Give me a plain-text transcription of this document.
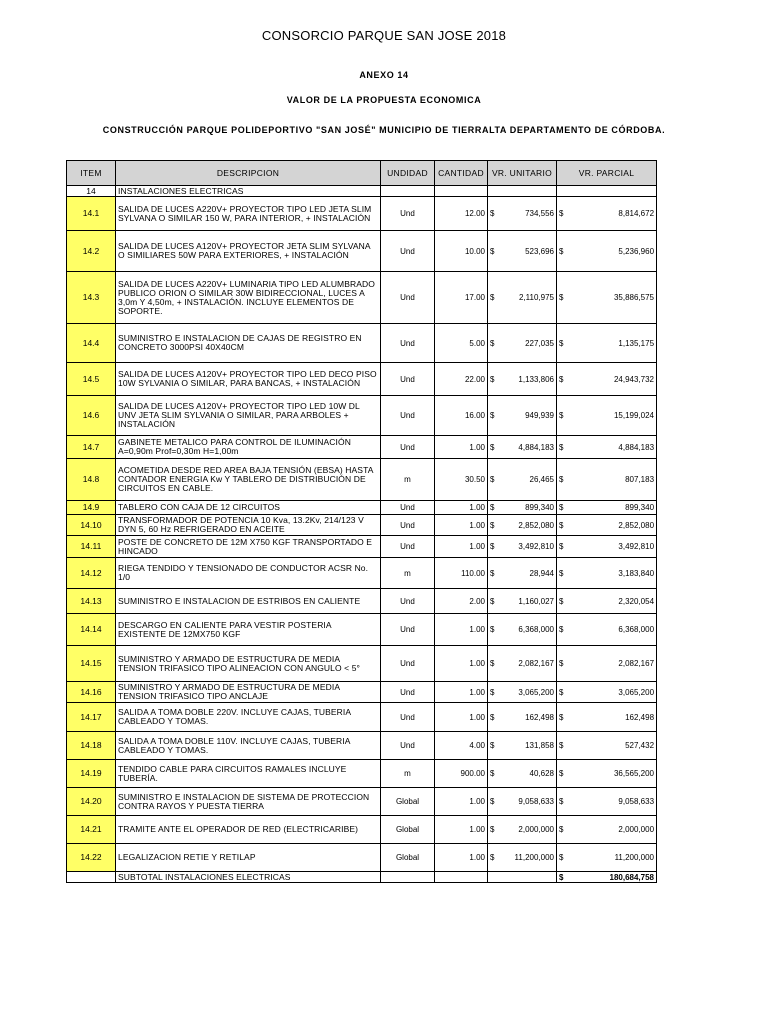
CONSORCIO PARQUE SAN JOSE 2018
ANEXO 14
VALOR DE LA PROPUESTA ECONOMICA
CONSTRUCCIÓN PARQUE POLIDEPORTIVO "SAN JOSÉ" MUNICIPIO DE TIERRALTA DEPARTAMENTO DE CÓRDOBA.
ITEM	DESCRIPCION	UNDIDAD	CANTIDAD	VR. UNITARIO		VR. PARCIAL	
14	INSTALACIONES ELECTRICAS						
14.1	SALIDA DE LUCES A220V+ PROYECTOR TIPO LED JETA SLIM SYLVANA O SIMILAR 150 W, PARA INTERIOR, + INSTALACIÓN	Und	12.00	$	734,556	$	8,814,672
14.2	SALIDA DE LUCES A120V+ PROYECTOR JETA SLIM SYLVANA O SIMILIARES 50W PARA EXTERIORES, + INSTALACIÓN	Und	10.00	$	523,696	$	5,236,960
14.3	SALIDA DE LUCES A220V+ LUMINARIA TIPO LED ALUMBRADO PUBLICO ORION O SIMILAR 30W BIDIRECCIONAL, LUCES A 3,0m Y 4,50m, + INSTALACIÓN. INCLUYE ELEMENTOS DE SOPORTE.	Und	17.00	$	2,110,975	$	35,886,575
14.4	SUMINISTRO E INSTALACION DE CAJAS DE REGISTRO EN CONCRETO 3000PSI 40X40CM	Und	5.00	$	227,035	$	1,135,175
14.5	SALIDA DE LUCES A120V+ PROYECTOR TIPO LED DECO PISO 10W SYLVANIA O SIMILAR, PARA BANCAS, + INSTALACIÓN	Und	22.00	$	1,133,806	$	24,943,732
14.6	SALIDA DE LUCES A120V+ PROYECTOR TIPO LED 10W DL UNV JETA SLIM SYLVANIA O SIMILAR, PARA ARBOLES + INSTALACIÓN	Und	16.00	$	949,939	$	15,199,024
14.7	GABINETE METALICO PARA CONTROL DE ILUMINACIÓN A=0,90m Prof=0,30m H=1,00m	Und	1.00	$	4,884,183	$	4,884,183
14.8	ACOMETIDA DESDE RED AREA BAJA TENSIÓN (EBSA) HASTA CONTADOR ENERGIA Kw Y TABLERO DE DISTRIBUCIÓN DE CIRCUITOS EN CABLE.	m	30.50	$	26,465	$	807,183
14.9	TABLERO CON CAJA DE 12 CIRCUITOS	Und	1.00	$	899,340	$	899,340
14.10	TRANSFORMADOR DE POTENCIA 10 Kva, 13.2Kv, 214/123 V DYN 5, 60 Hz REFRIGERADO EN ACEITE	Und	1.00	$	2,852,080	$	2,852,080
14.11	POSTE DE CONCRETO DE 12M X750 KGF TRANSPORTADO E HINCADO	Und	1.00	$	3,492,810	$	3,492,810
14.12	RIEGA TENDIDO Y TENSIONADO DE CONDUCTOR ACSR No. 1/0	m	110.00	$	28,944	$	3,183,840
14.13	SUMINISTRO E INSTALACION DE ESTRIBOS EN CALIENTE	Und	2.00	$	1,160,027	$	2,320,054
14.14	DESCARGO EN CALIENTE PARA VESTIR POSTERIA EXISTENTE DE 12MX750 KGF	Und	1.00	$	6,368,000	$	6,368,000
14.15	SUMINISTRO Y ARMADO DE ESTRUCTURA DE MEDIA TENSION TRIFASICO TIPO ALINEACION CON ANGULO < 5°	Und	1.00	$	2,082,167	$	2,082,167
14.16	SUMINISTRO Y ARMADO DE ESTRUCTURA DE MEDIA TENSION TRIFASICO TIPO ANCLAJE	Und	1.00	$	3,065,200	$	3,065,200
14.17	SALIDA A TOMA DOBLE 220V. INCLUYE CAJAS, TUBERIA CABLEADO Y TOMAS.	Und	1.00	$	162,498	$	162,498
14.18	SALIDA A TOMA DOBLE 110V. INCLUYE CAJAS, TUBERIA CABLEADO Y TOMAS.	Und	4.00	$	131,858	$	527,432
14.19	TENDIDO CABLE PARA CIRCUITOS RAMALES INCLUYE TUBERÍA.	m	900.00	$	40,628	$	36,565,200
14.20	SUMINISTRO E INSTALACION DE SISTEMA DE PROTECCION CONTRA RAYOS Y PUESTA TIERRA	Global	1.00	$	9,058,633	$	9,058,633
14.21	TRAMITE ANTE EL OPERADOR DE RED (ELECTRICARIBE)	Global	1.00	$	2,000,000	$	2,000,000
14.22	LEGALIZACION RETIE Y RETILAP	Global	1.00	$	11,200,000	$	11,200,000
	SUBTOTAL INSTALACIONES ELECTRICAS					$	180,684,758
